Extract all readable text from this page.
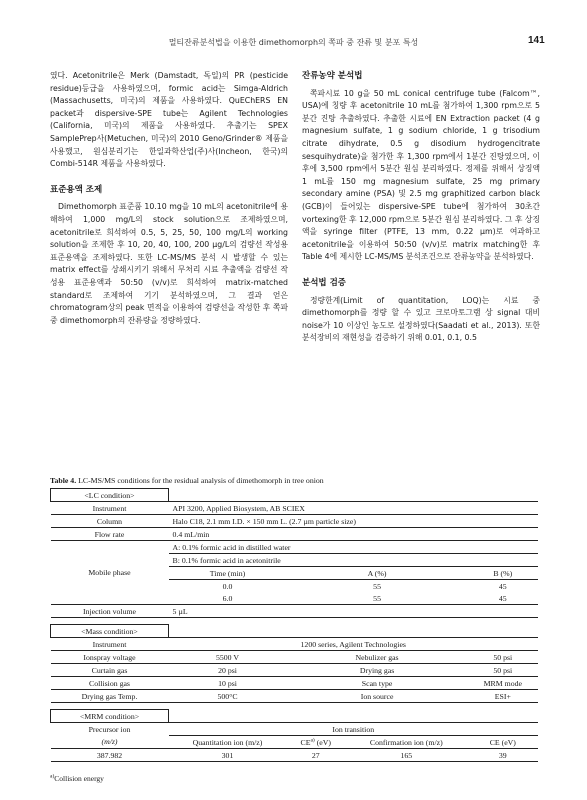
멀티잔류분석법을 이용한 dimethomorph의 쪽파 중 잔류 및 분포 특성	141

였다. Acetonitrile은 Merk (Damstadt, 독일)의 PR (pesticide residue)등급을 사용하였으며, formic acid는 Simga-Aldrich (Massachusetts, 미국)의 제품을 사용하였다. QuEChERS EN packet과 dispersive-SPE tube는 Agilent Technologies (California, 미국)의 제품을 사용하였다. 추출기는 SPEX SamplePrep사(Metuchen, 미국)의 2010 Geno/Grinder® 제품을 사용했고, 원심분리기는 한일과학산업(주)사(Incheon, 한국)의 Combi-514R 제품을 사용하였다.

표준용액 조제

Dimethomorph 표준품 10.10 mg을 10 mL의 acetonitrile에 용해하여 1,000 mg/L의 stock solution으로 조제하였으며, acetonitrile로 희석하여 0.5, 5, 25, 50, 100 mg/L의 working solution을 조제한 후 10, 20, 40, 100, 200 µg/L의 검량선 작성용 표준용액을 조제하였다. 또한 LC-MS/MS 분석 시 발생할 수 있는 matrix effect를 상쇄시키기 위해서 무처리 시료 추출액을 검량선 작성용 표준용액과 50:50 (v/v)로 희석하여 matrix-matched standard로 조제하여 기기 분석하였으며, 그 결과 얻은 chromatogram상의 peak 면적을 이용하여 검량선을 작성한 후 쪽파 중 dimethomorph의 잔류량을 정량하였다.

잔류농약 분석법

쪽파시료 10 g을 50 mL conical centrifuge tube (Falcom™, USA)에 칭량 후 acetonitrile 10 mL를 첨가하여 1,300 rpm으로 5분간 진탕 추출하였다. 추출한 시료에 EN Extraction packet (4 g magnesium sulfate, 1 g sodium chloride, 1 g trisodium citrate dihydrate, 0.5 g disodium hydrogencitrate sesquihydrate)을 첨가한 후 1,300 rpm에서 1분간 진탕였으며, 이 후에 3,500 rpm에서 5분간 원심 분리하였다. 정제를 위해서 상징액 1 mL를 150 mg magnesium sulfate, 25 mg primary secondary amine (PSA) 및 2.5 mg graphitized carbon black (GCB)이 들어있는 dispersive-SPE tube에 첨가하여 30초간 vortexing한 후 12,000 rpm으로 5분간 원심 분리하였다. 그 후 상징액을 syringe filter (PTFE, 13 mm, 0.22 µm)로 여과하고 acetonitrile을 이용하여 50:50 (v/v)로 matrix matching한 후 Table 4에 제시한 LC-MS/MS 분석조건으로 잔류농약을 분석하였다.

분석법 검증

정량한계(Limit of quantitation, LOQ)는 시료 중 dimethomorph를 정량 할 수 있고 크로마토그램 상 signal 대비 noise가 10 이상인 농도로 설정하였다(Saadati et al., 2013). 또한 분석장비의 재현성을 검증하기 위해 0.01, 0.1, 0.5

Table 4. LC-MS/MS conditions for the residual analysis of dimethomorph in tree onion
<LC condition>				
Instrument	API 3200, Applied Biosystem, AB SCIEX			
Column	Halo C18, 2.1 mm I.D. × 150 mm L. (2.7 µm particle size)			
Flow rate	0.4 mL/min			
Mobile phase	A: 0.1% formic acid in distilled water			
	B: 0.1% formic acid in acetonitrile			
	Time (min)	A (%)		B (%)
	0.0	55		45
	6.0	55		45
Injection volume	5 µL			

<Mass condition>				
Instrument	1200 series, Agilent Technologies			
Ionspray voltage	5500 V	Nebulizer gas		50 psi
Curtain gas	20 psi	Drying gas		50 psi
Collision gas	10 psi	Scan type		MRM mode
Drying gas Temp.	500°C	Ion source		ESI+

<MRM condition>				
Precursor ion	Ion transition			
(m/z)	Quantitation ion (m/z)	CE$^{a)}$ (eV)	Confirmation ion (m/z)	CE (eV)
387.982	301	27	165	39
$^{a)}$Collision energy
